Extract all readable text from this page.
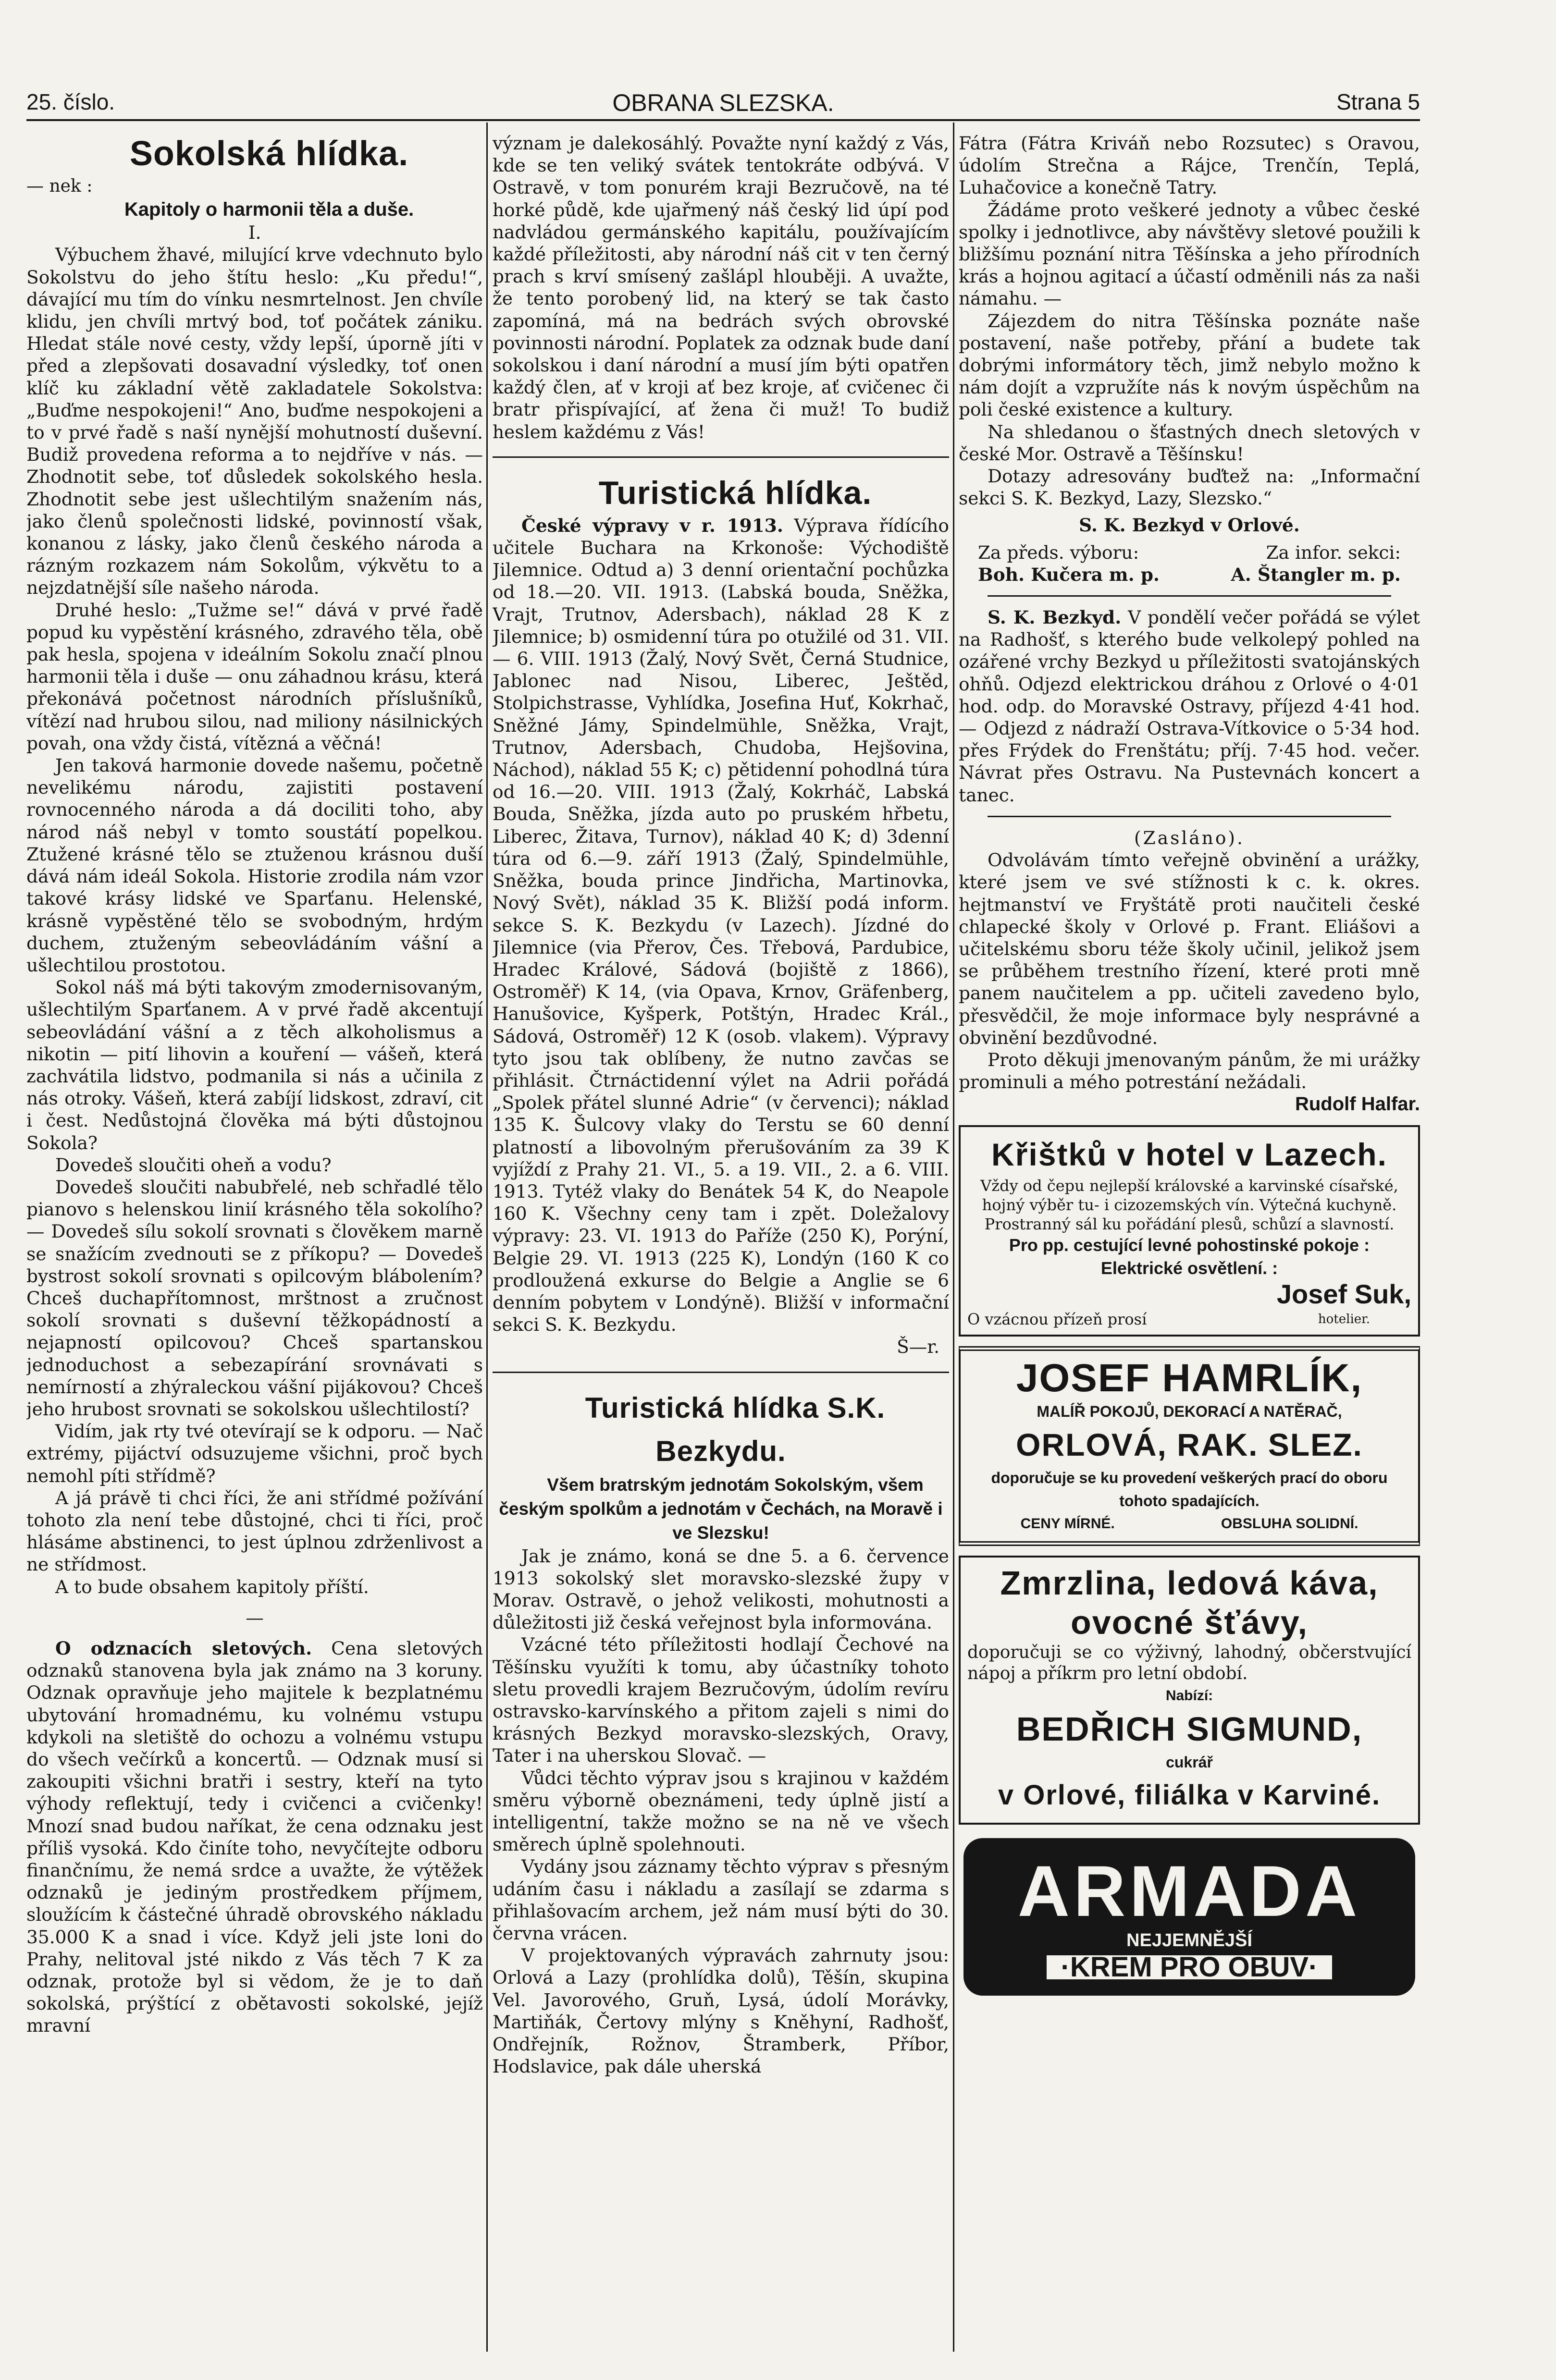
25. číslo.	OBRANA SLEZSKA.	Strana 5

Sokolská hlídka.

— nek :

Kapitoly o harmonii těla a duše.

I.

Výbuchem žhavé, milující krve vdechnuto bylo Sokolstvu do jeho štítu heslo: „Ku předu!“, dávající mu tím do vínku nesmrtelnost. Jen chvíle klidu, jen chvíli mrtvý bod, toť počátek zániku. Hledat stále nové cesty, vždy lepší, úporně jíti v před a zlepšovati dosavadní výsledky, toť onen klíč ku základní větě zakladatele Sokolstva: „Buďme nespokojeni!“ Ano, buďme nespokojeni a to v prvé řadě s naší nynější mohutností duševní. Budiž provedena reforma a to nejdříve v nás. — Zhodnotit sebe, toť důsledek sokolského hesla. Zhodnotit sebe jest ušlechtilým snažením nás, jako členů společnosti lidské, povinností však, konanou z lásky, jako členů českého národa a rázným rozkazem nám Sokolům, výkvětu to a nejzdatnější síle našeho národa.

Druhé heslo: „Tužme se!“ dává v prvé řadě popud ku vypěstění krásného, zdravého těla, obě pak hesla, spojena v ideálním Sokolu značí plnou harmonii těla i duše — onu záhadnou krásu, která překonává početnost národních příslušníků, vítězí nad hrubou silou, nad miliony násilnických povah, ona vždy čistá, vítězná a věčná!

Jen taková harmonie dovede našemu, početně nevelikému národu, zajistiti postavení rovnocenného národa a dá dociliti toho, aby národ náš nebyl v tomto soustátí popelkou. Ztužené krásné tělo se ztuženou krásnou duší dává nám ideál Sokola. Historie zrodila nám vzor takové krásy lidské ve Sparťanu. Helenské, krásně vypěstěné tělo se svobodným, hrdým duchem, ztuženým sebeovládáním vášní a ušlechtilou prostotou.

Sokol náš má býti takovým zmodernisovaným, ušlechtilým Sparťanem. A v prvé řadě akcentují sebeovládání vášní a z těch alkoholismus a nikotin — pití lihovin a kouření — vášeň, která zachvátila lidstvo, podmanila si nás a učinila z nás otroky. Vášeň, která zabíjí lidskost, zdraví, cit i čest. Nedůstojná člověka má býti důstojnou Sokola?

Dovedeš sloučiti oheň a vodu?

Dovedeš sloučiti nabubřelé, neb schřadlé tělo pianovo s helenskou linií krásného těla sokolího? — Dovedeš sílu sokolí srovnati s člověkem marně se snažícím zvednouti se z příkopu? — Dovedeš bystrost sokolí srovnati s opilcovým blábolením? Chceš duchapřítomnost, mrštnost a zručnost sokolí srovnati s duševní těžkopádností a nejapností opilcovou? Chceš spartanskou jednoduchost a sebezapírání srovnávati s nemírností a zhýraleckou vášní pijákovou? Chceš jeho hrubost srovnati se sokolskou ušlechtilostí?

Vidím, jak rty tvé otevírají se k odporu. — Nač extrémy, pijáctví odsuzujeme všichni, proč bych nemohl píti střídmě?

A já právě ti chci říci, že ani střídmé požívání tohoto zla není tebe důstojné, chci ti říci, proč hlásáme abstinenci, to jest úplnou zdrženlivost a ne střídmost.

A to bude obsahem kapitoly příští.

—

O odznacích sletových. Cena sletových odznaků stanovena byla jak známo na 3 koruny. Odznak opravňuje jeho majitele k bezplatnému ubytování hromadnému, ku volnému vstupu kdykoli na sletiště do ochozu a volnému vstupu do všech večírků a koncertů. — Odznak musí si zakoupiti všichni bratři i sestry, kteří na tyto výhody reflektují, tedy i cvičenci a cvičenky! Mnozí snad budou naříkat, že cena odznaku jest příliš vysoká. Kdo činíte toho, nevyčítejte odboru finančnímu, že nemá srdce a uvažte, že výtěžek odznaků je jediným prostředkem příjmem, sloužícím k částečné úhradě obrovského nákladu 35.000 K a snad i více. Když jeli jste loni do Prahy, nelitoval jsté nikdo z Vás těch 7 K za odznak, protože byl si vědom, že je to daň sokolská, prýštící z obětavosti sokolské, jejíž mravní

význam je dalekosáhlý. Považte nyní každý z Vás, kde se ten veliký svátek tentokráte odbývá. V Ostravě, v tom ponurém kraji Bezručově, na té horké půdě, kde ujařmený náš český lid úpí pod nadvládou germánského kapitálu, používajícím každé příležitosti, aby národní náš cit v ten černý prach s krví smísený zašlápl hlouběji. A uvažte, že tento porobený lid, na který se tak často zapomíná, má na bedrách svých obrovské povinnosti národní. Poplatek za odznak bude daní sokolskou i daní národní a musí jím býti opatřen každý člen, ať v kroji ať bez kroje, ať cvičenec či bratr přispívající, ať žena či muž! To budiž heslem každému z Vás!

Turistická hlídka.

České výpravy v r. 1913. Výprava řídícího učitele Buchara na Krkonoše: Východiště Jilemnice. Odtud a) 3 denní orientační pochůzka od 18.—20. VII. 1913. (Labská bouda, Sněžka, Vrajt, Trutnov, Adersbach), náklad 28 K z Jilemnice; b) osmidenní túra po otužilé od 31. VII. — 6. VIII. 1913 (Žalý, Nový Svět, Černá Studnice, Jablonec nad Nisou, Liberec, Ještěd, Stolpichstrasse, Vyhlídka, Josefina Huť, Kokrhač, Sněžné Jámy, Spindelmühle, Sněžka, Vrajt, Trutnov, Adersbach, Chudoba, Hejšovina, Náchod), náklad 55 K; c) pětidenní pohodlná túra od 16.—20. VIII. 1913 (Žalý, Kokrháč, Labská Bouda, Sněžka, jízda auto po pruském hřbetu, Liberec, Žitava, Turnov), náklad 40 K; d) 3denní túra od 6.—9. září 1913 (Žalý, Spindelmühle, Sněžka, bouda prince Jindřicha, Martinovka, Nový Svět), náklad 35 K. Bližší podá inform. sekce S. K. Bezkydu (v Lazech). Jízdné do Jilemnice (via Přerov, Čes. Třebová, Pardubice, Hradec Králové, Sádová (bojiště z 1866), Ostroměř) K 14, (via Opava, Krnov, Gräfenberg, Hanušovice, Kyšperk, Potštýn, Hradec Král., Sádová, Ostroměř) 12 K (osob. vlakem). Výpravy tyto jsou tak oblíbeny, že nutno zavčas se přihlásit. Čtrnáctidenní výlet na Adrii pořádá „Spolek přátel slunné Adrie“ (v červenci); náklad 135 K. Šulcovy vlaky do Terstu se 60 denní platností a libovolným přerušováním za 39 K vyjíždí z Prahy 21. VI., 5. a 19. VII., 2. a 6. VIII. 1913. Tytéž vlaky do Benátek 54 K, do Neapole 160 K. Všechny ceny tam i zpět. Doležalovy výpravy: 23. VI. 1913 do Paříže (250 K), Porýní, Belgie 29. VI. 1913 (225 K), Londýn (160 K co prodloužená exkurse do Belgie a Anglie se 6 denním pobytem v Londýně). Bližší v informační sekci S. K. Bezkydu.

Š—r.

Turistická hlídka S.K. Bezkydu.

Všem bratrským jednotám Sokolským, všem českým spolkům a jednotám v Čechách, na Moravě i ve Slezsku!

Jak je známo, koná se dne 5. a 6. července 1913 sokolský slet moravsko-slezské župy v Morav. Ostravě, o jehož velikosti, mohutnosti a důležitosti již česká veřejnost byla informována.

Vzácné této příležitosti hodlají Čechové na Těšínsku využíti k tomu, aby účastníky tohoto sletu provedli krajem Bezručovým, údolím revíru ostravsko-karvínského a přitom zajeli s nimi do krásných Bezkyd moravsko-slezských, Oravy, Tater i na uherskou Slovač. —

Vůdci těchto výprav jsou s krajinou v každém směru výborně obeznámeni, tedy úplně jistí a intelligentní, takže možno se na ně ve všech směrech úplně spolehnouti.

Vydány jsou záznamy těchto výprav s přesným udáním času i nákladu a zasílají se zdarma s přihlašovacím archem, jež nám musí býti do 30. června vrácen.

V projektovaných výpravách zahrnuty jsou: Orlová a Lazy (prohlídka dolů), Těšín, skupina Vel. Javorového, Gruň, Lysá, údolí Morávky, Martiňák, Čertovy mlýny s Kněhyní, Radhošť, Ondřejník, Rožnov, Štramberk, Příbor, Hodslavice, pak dále uherská

Fátra (Fátra Kriváň nebo Rozsutec) s Oravou, údolím Strečna a Rájce, Trenčín, Teplá, Luhačovice a konečně Tatry.

Žádáme proto veškeré jednoty a vůbec české spolky i jednotlivce, aby návštěvy sletové použili k bližšímu poznání nitra Těšínska a jeho přírodních krás a hojnou agitací a účastí odměnili nás za naši námahu. —

Zájezdem do nitra Těšínska poznáte naše postavení, naše potřeby, přání a budete tak dobrými informátory těch, jimž nebylo možno k nám dojít a vzpružíte nás k novým úspěchům na poli české existence a kultury.

Na shledanou o šťastných dnech sletových v české Mor. Ostravě a Těšínsku!

Dotazy adresovány buďtež na: „Informační sekci S. K. Bezkyd, Lazy, Slezsko.“

S. K. Bezkyd v Orlové.

Za předs. výboru:	Za infor. sekci:
Boh. Kučera m. p.	A. Štangler m. p.

S. K. Bezkyd. V pondělí večer pořádá se výlet na Radhošť, s kterého bude velkolepý pohled na ozářené vrchy Bezkyd u příležitosti svatojánských ohňů. Odjezd elektrickou dráhou z Orlové o 4·01 hod. odp. do Moravské Ostravy, příjezd 4·41 hod. — Odjezd z nádraží Ostrava-Vítkovice o 5·34 hod. přes Frýdek do Frenštátu; příj. 7·45 hod. večer. Návrat přes Ostravu. Na Pustevnách koncert a tanec.

(Zasláno).

Odvolávám tímto veřejně obvinění a urážky, které jsem ve své stížnosti k c. k. okres. hejtmanství ve Fryštátě proti naučiteli české chlapecké školy v Orlové p. Frant. Eliášovi a učitelskému sboru téže školy učinil, jelikož jsem se průběhem trestního řízení, které proti mně panem naučitelem a pp. učiteli zavedeno bylo, přesvědčil, že moje informace byly nesprávné a obvinění bezdůvodné.

Proto děkuji jmenovaným pánům, že mi urážky prominuli a mého potrestání nežádali.

Rudolf Halfar.

Křištků v hotel v Lazech.
Vždy od čepu nejlepší královské a karvinské císařské, hojný výběr tu- i cizozemských vín. Výtečná kuchyně. Prostranný sál ku pořádání plesů, schůzí a slavností.
Pro pp. cestující levné pohostinské pokoje : Elektrické osvětlení. :
O vzácnou přízeň prosí
Josef Suk,
hotelier.
JOSEF HAMRLÍK,
MALÍŘ POKOJŮ, DEKORACÍ A NATĚRAČ,
ORLOVÁ, RAK. SLEZ.
doporučuje se ku provedení veškerých prací do oboru tohoto spadajících.
CENY MÍRNÉ.	OBSLUHA SOLIDNÍ.
Zmrzlina, ledová káva, ovocné šťávy,
doporučuji se co výživný, lahodný, občerstvující nápoj a příkrm pro letní období.
Nabízí:
BEDŘICH SIGMUND,
cukrář
v Orlové, filiálka v Karviné.
ARMADA
NEJJEMNĚJŠÍ
·KREM PRO OBUV·
